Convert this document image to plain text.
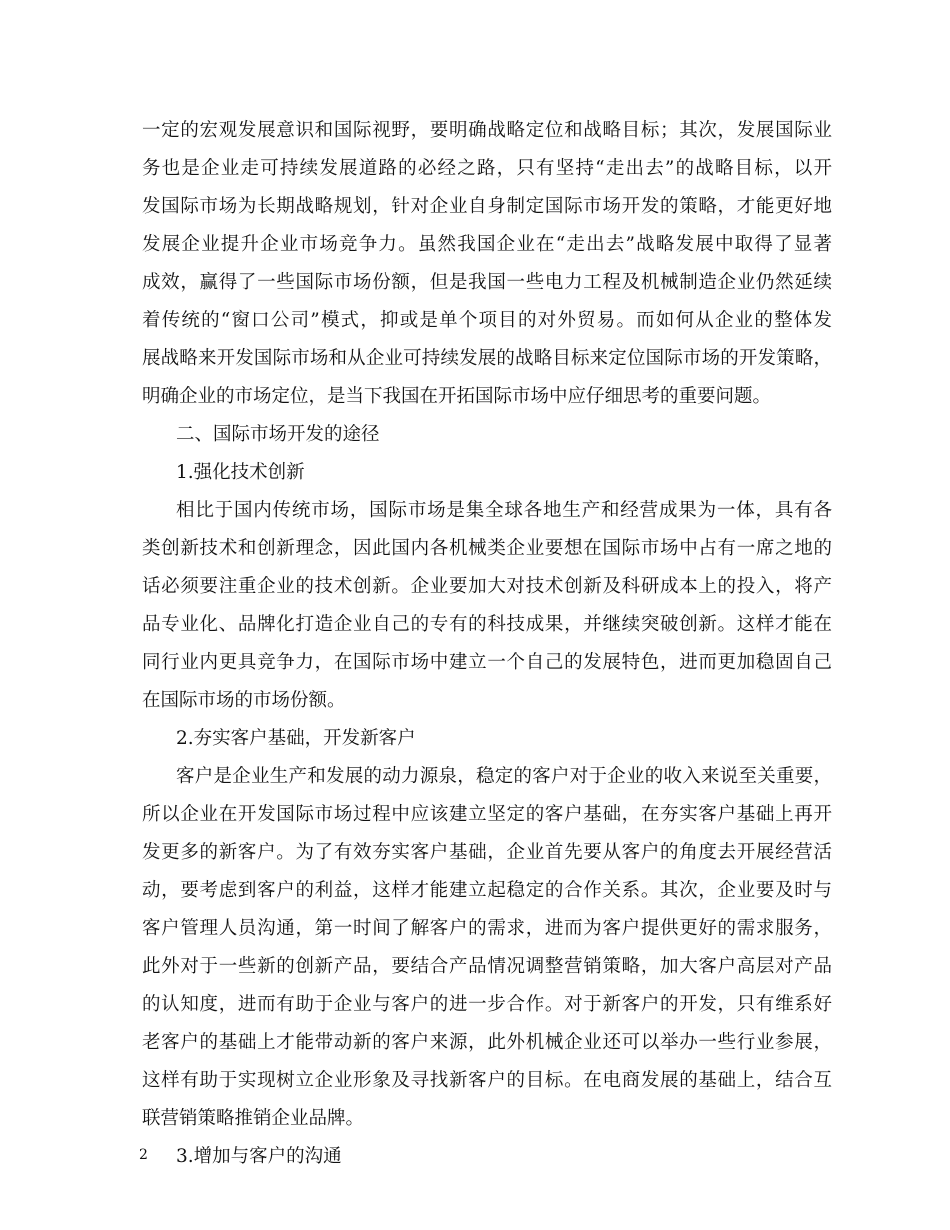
一定的宏观发展意识和国际视野，要明确战略定位和战略目标；其次，发展国际业
务也是企业走可持续发展道路的必经之路，只有坚持“走出去”的战略目标，以开
发国际市场为长期战略规划，针对企业自身制定国际市场开发的策略，才能更好地
发展企业提升企业市场竞争力。虽然我国企业在“走出去”战略发展中取得了显著
成效，赢得了一些国际市场份额，但是我国一些电力工程及机械制造企业仍然延续
着传统的“窗口公司”模式，抑或是单个项目的对外贸易。而如何从企业的整体发
展战略来开发国际市场和从企业可持续发展的战略目标来定位国际市场的开发策略，
明确企业的市场定位，是当下我国在开拓国际市场中应仔细思考的重要问题。
二、国际市场开发的途径
1.强化技术创新
相比于国内传统市场，国际市场是集全球各地生产和经营成果为一体，具有各
类创新技术和创新理念，因此国内各机械类企业要想在国际市场中占有一席之地的
话必须要注重企业的技术创新。企业要加大对技术创新及科研成本上的投入，将产
品专业化、品牌化打造企业自己的专有的科技成果，并继续突破创新。这样才能在
同行业内更具竞争力，在国际市场中建立一个自己的发展特色，进而更加稳固自己
在国际市场的市场份额。
2.夯实客户基础，开发新客户
客户是企业生产和发展的动力源泉，稳定的客户对于企业的收入来说至关重要，
所以企业在开发国际市场过程中应该建立坚定的客户基础，在夯实客户基础上再开
发更多的新客户。为了有效夯实客户基础，企业首先要从客户的角度去开展经营活
动，要考虑到客户的利益，这样才能建立起稳定的合作关系。其次，企业要及时与
客户管理人员沟通，第一时间了解客户的需求，进而为客户提供更好的需求服务，
此外对于一些新的创新产品，要结合产品情况调整营销策略，加大客户高层对产品
的认知度，进而有助于企业与客户的进一步合作。对于新客户的开发，只有维系好
老客户的基础上才能带动新的客户来源，此外机械企业还可以举办一些行业参展，
这样有助于实现树立企业形象及寻找新客户的目标。在电商发展的基础上，结合互
联营销策略推销企业品牌。
3.增加与客户的沟通
2
